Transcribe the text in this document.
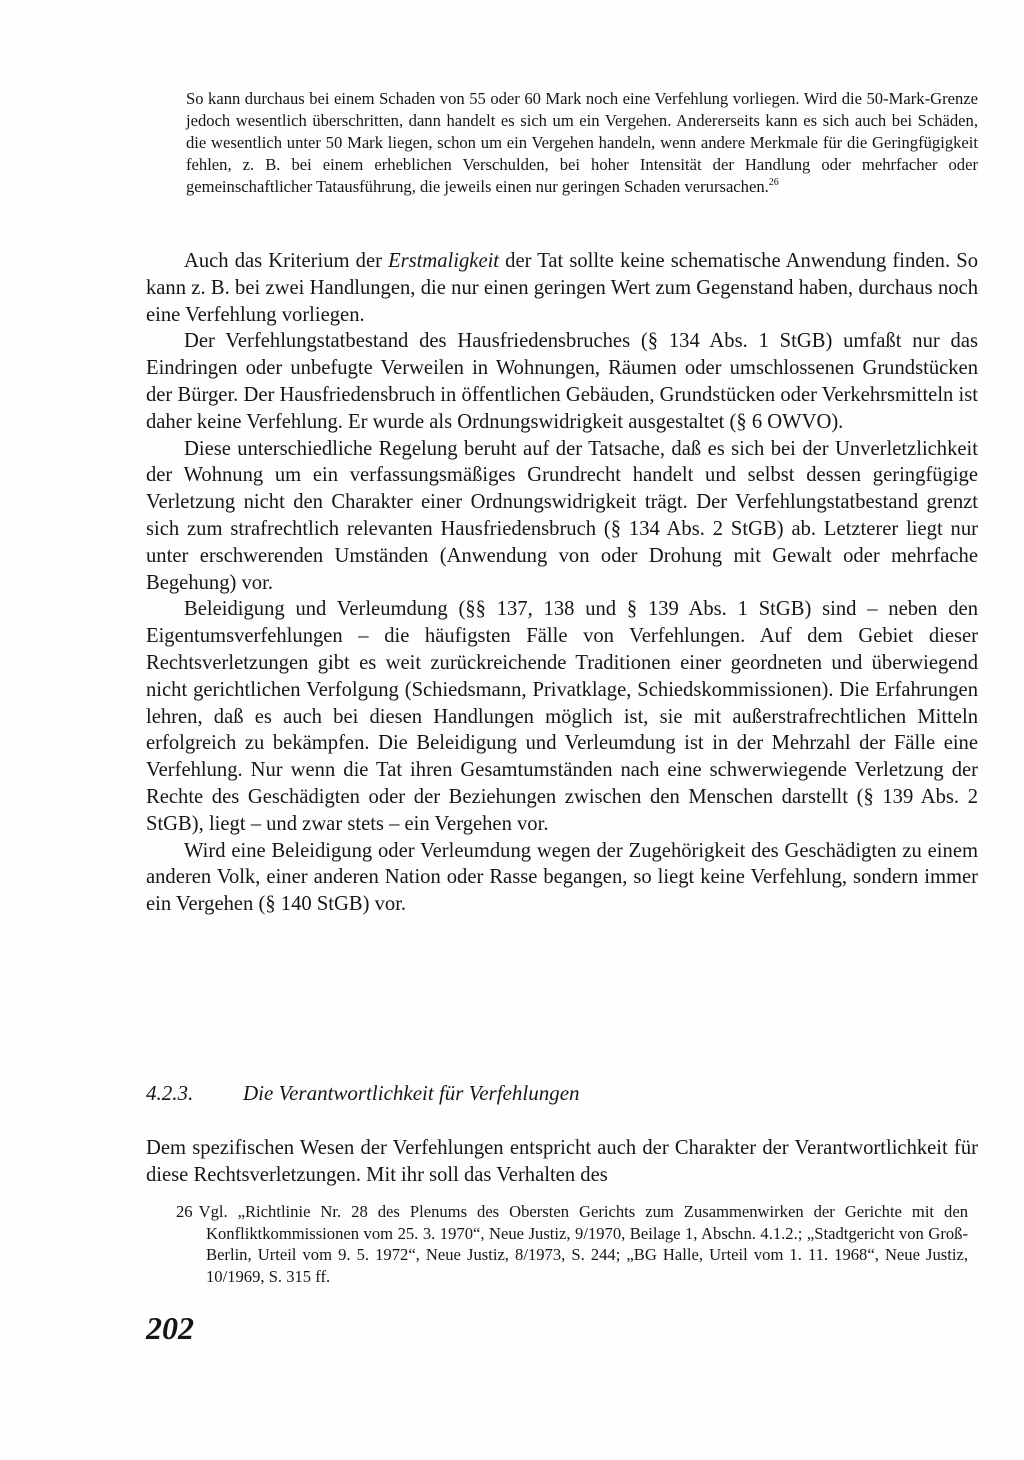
So kann durchaus bei einem Schaden von 55 oder 60 Mark noch eine Verfehlung vorliegen. Wird die 50-Mark-Grenze jedoch wesentlich überschritten, dann handelt es sich um ein Vergehen. Andererseits kann es sich auch bei Schäden, die wesentlich unter 50 Mark liegen, schon um ein Vergehen handeln, wenn andere Merkmale für die Geringfügigkeit fehlen, z. B. bei einem erheblichen Verschulden, bei hoher Intensität der Handlung oder mehrfacher oder gemeinschaftlicher Tatausführung, die jeweils einen nur geringen Schaden verursachen.$^{26}$

Auch das Kriterium der Erstmaligkeit der Tat sollte keine schematische Anwendung finden. So kann z. B. bei zwei Handlungen, die nur einen geringen Wert zum Gegenstand haben, durchaus noch eine Verfehlung vorliegen.

Der Verfehlungstatbestand des Hausfriedensbruches (§ 134 Abs. 1 StGB) umfaßt nur das Eindringen oder unbefugte Verweilen in Wohnungen, Räumen oder umschlossenen Grundstücken der Bürger. Der Hausfriedensbruch in öffentlichen Gebäuden, Grundstücken oder Verkehrsmitteln ist daher keine Verfehlung. Er wurde als Ordnungswidrigkeit ausgestaltet (§ 6 OWVO).

Diese unterschiedliche Regelung beruht auf der Tatsache, daß es sich bei der Unverletzlichkeit der Wohnung um ein verfassungsmäßiges Grundrecht handelt und selbst dessen geringfügige Verletzung nicht den Charakter einer Ordnungswidrigkeit trägt. Der Verfehlungstatbestand grenzt sich zum strafrechtlich relevanten Hausfriedensbruch (§ 134 Abs. 2 StGB) ab. Letzterer liegt nur unter erschwerenden Umständen (Anwendung von oder Drohung mit Gewalt oder mehrfache Begehung) vor.

Beleidigung und Verleumdung (§§ 137, 138 und § 139 Abs. 1 StGB) sind – neben den Eigentumsverfehlungen – die häufigsten Fälle von Verfehlungen. Auf dem Gebiet dieser Rechtsverletzungen gibt es weit zurückreichende Traditionen einer geordneten und überwiegend nicht gerichtlichen Verfolgung (Schiedsmann, Privatklage, Schiedskommissionen). Die Erfahrungen lehren, daß es auch bei diesen Handlungen möglich ist, sie mit außerstrafrechtlichen Mitteln erfolgreich zu bekämpfen. Die Beleidigung und Verleumdung ist in der Mehrzahl der Fälle eine Verfehlung. Nur wenn die Tat ihren Gesamtumständen nach eine schwerwiegende Verletzung der Rechte des Geschädigten oder der Beziehungen zwischen den Menschen darstellt (§ 139 Abs. 2 StGB), liegt – und zwar stets – ein Vergehen vor.

Wird eine Beleidigung oder Verleumdung wegen der Zugehörigkeit des Geschädigten zu einem anderen Volk, einer anderen Nation oder Rasse begangen, so liegt keine Verfehlung, sondern immer ein Vergehen (§ 140 StGB) vor.

4.2.3. Die Verantwortlichkeit für Verfehlungen

Dem spezifischen Wesen der Verfehlungen entspricht auch der Charakter der Verantwortlichkeit für diese Rechtsverletzungen. Mit ihr soll das Verhalten des

26 Vgl. „Richtlinie Nr. 28 des Plenums des Obersten Gerichts zum Zusammenwirken der Gerichte mit den Konfliktkommissionen vom 25. 3. 1970“, Neue Justiz, 9/1970, Beilage 1, Abschn. 4.1.2.; „Stadtgericht von Groß-Berlin, Urteil vom 9. 5. 1972“, Neue Justiz, 8/1973, S. 244; „BG Halle, Urteil vom 1. 11. 1968“, Neue Justiz, 10/1969, S. 315 ff.

202
